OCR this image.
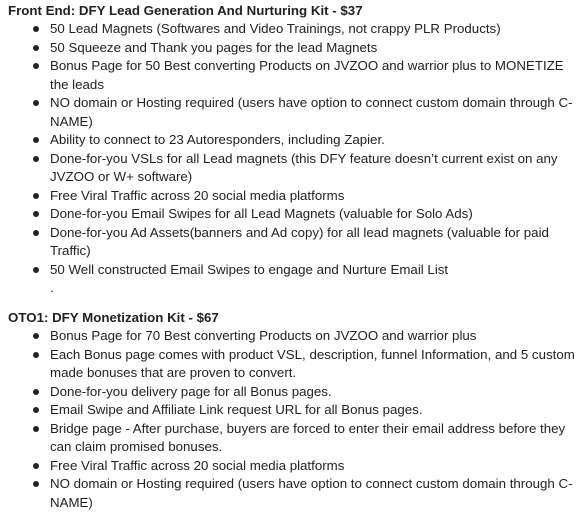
Front End: DFY Lead Generation And Nurturing Kit - $37

50 Lead Magnets (Softwares and Video Trainings, not crappy PLR Products)
50 Squeeze and Thank you pages for the lead Magnets
Bonus Page for 50 Best converting Products on JVZOO and warrior plus to MONETIZE the leads
NO domain or Hosting required (users have option to connect custom domain through C-NAME)
Ability to connect to 23 Autoresponders, including Zapier.
Done-for-you VSLs for all Lead magnets (this DFY feature doesn’t current exist on any JVZOO or W+ software)
Free Viral Traffic across 20 social media platforms
Done-for-you Email Swipes for all Lead Magnets (valuable for Solo Ads)
Done-for-you Ad Assets(banners and Ad copy) for all lead magnets (valuable for paid Traffic)
50 Well constructed Email Swipes to engage and Nurture Email List
.

OTO1: DFY Monetization Kit - $67

Bonus Page for 70 Best converting Products on JVZOO and warrior plus
Each Bonus page comes with product VSL, description, funnel Information, and 5 custom made bonuses that are proven to convert.
Done-for-you delivery page for all Bonus pages.
Email Swipe and Affiliate Link request URL for all Bonus pages.
Bridge page - After purchase, buyers are forced to enter their email address before they can claim promised bonuses.
Free Viral Traffic across 20 social media platforms
NO domain or Hosting required (users have option to connect custom domain through C-NAME)
